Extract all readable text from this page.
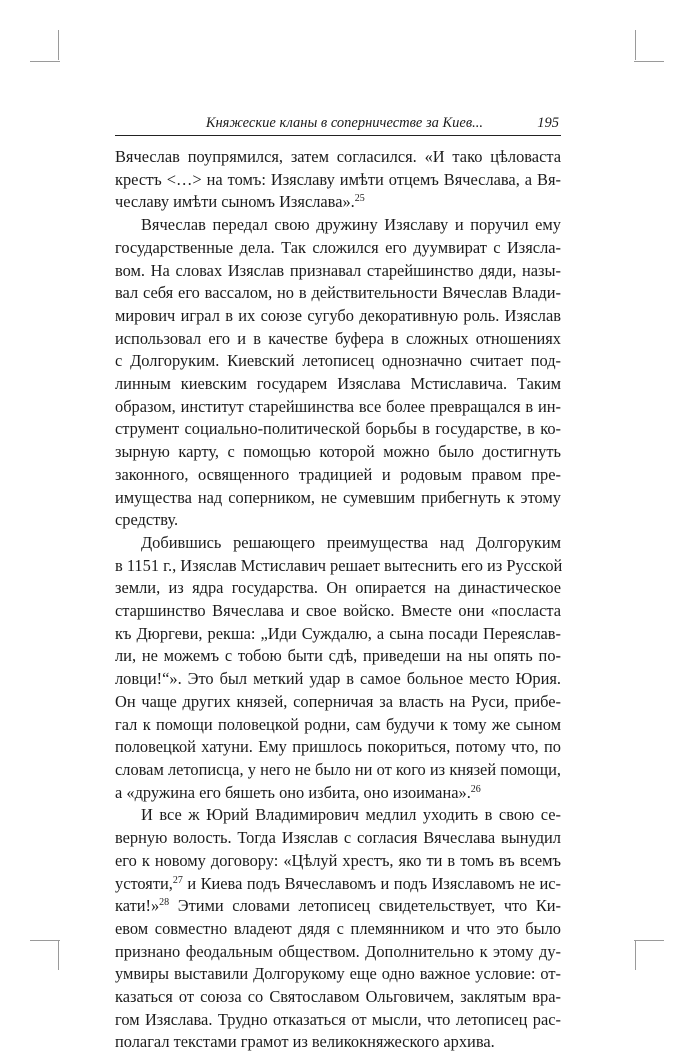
Княжеские кланы в соперничестве за Киев...	195
Вячеслав поупрямился, затем согласился. «И тако цѣловаста
крестъ <…> на томъ: Изяславу имѣти отцемъ Вячеслава, а Вя-
чеславу имѣти сыномъ Изяслава».$^{25}$
Вячеслав передал свою дружину Изяславу и поручил ему
государственные дела. Так сложился его дуумвират с Изясла-
вом. На словах Изяслав признавал старейшинство дяди, назы-
вал себя его вассалом, но в действительности Вячеслав Влади-
мирович играл в их союзе сугубо декоративную роль. Изяслав
использовал его и в качестве буфера в сложных отношениях
с Долгоруким. Киевский летописец однозначно считает под-
линным киевским государем Изяслава Мстиславича. Таким
образом, институт старейшинства все более превращался в ин-
струмент социально-политической борьбы в государстве, в ко-
зырную карту, с помощью которой можно было достигнуть
законного, освященного традицией и родовым правом пре-
имущества над соперником, не сумевшим прибегнуть к этому
средству.
Добившись решающего преимущества над Долгоруким
в 1151 г., Изяслав Мстиславич решает вытеснить его из Русской
земли, из ядра государства. Он опирается на династическое
старшинство Вячеслава и свое войско. Вместе они «посласта
къ Дюргеви, рекша: „Иди Суждалю, а сына посади Переяслав-
ли, не можемъ с тобою быти сдѣ, приведеши на ны опять по-
ловци!“». Это был меткий удар в самое больное место Юрия.
Он чаще других князей, соперничая за власть на Руси, прибе-
гал к помощи половецкой родни, сам будучи к тому же сыном
половецкой хатуни. Ему пришлось покориться, потому что, по
словам летописца, у него не было ни от кого из князей помощи,
а «дружина его бяшеть оно избита, оно изоимана».$^{26}$
И все ж Юрий Владимирович медлил уходить в свою се-
верную волость. Тогда Изяслав с согласия Вячеслава вынудил
его к новому договору: «Цѣлуй хрестъ, яко ти в томъ въ всемъ
устояти,$^{27}$ и Киева подъ Вячеславомъ и подъ Изяславомъ не ис-
кати!»$^{28}$ Этими словами летописец свидетельствует, что Ки-
евом совместно владеют дядя с племянником и что это было
признано феодальным обществом. Дополнительно к этому ду-
умвиры выставили Долгорукому еще одно важное условие: от-
казаться от союза со Святославом Ольговичем, заклятым вра-
гом Изяслава. Трудно отказаться от мысли, что летописец рас-
полагал текстами грамот из великокняжеского архива.
